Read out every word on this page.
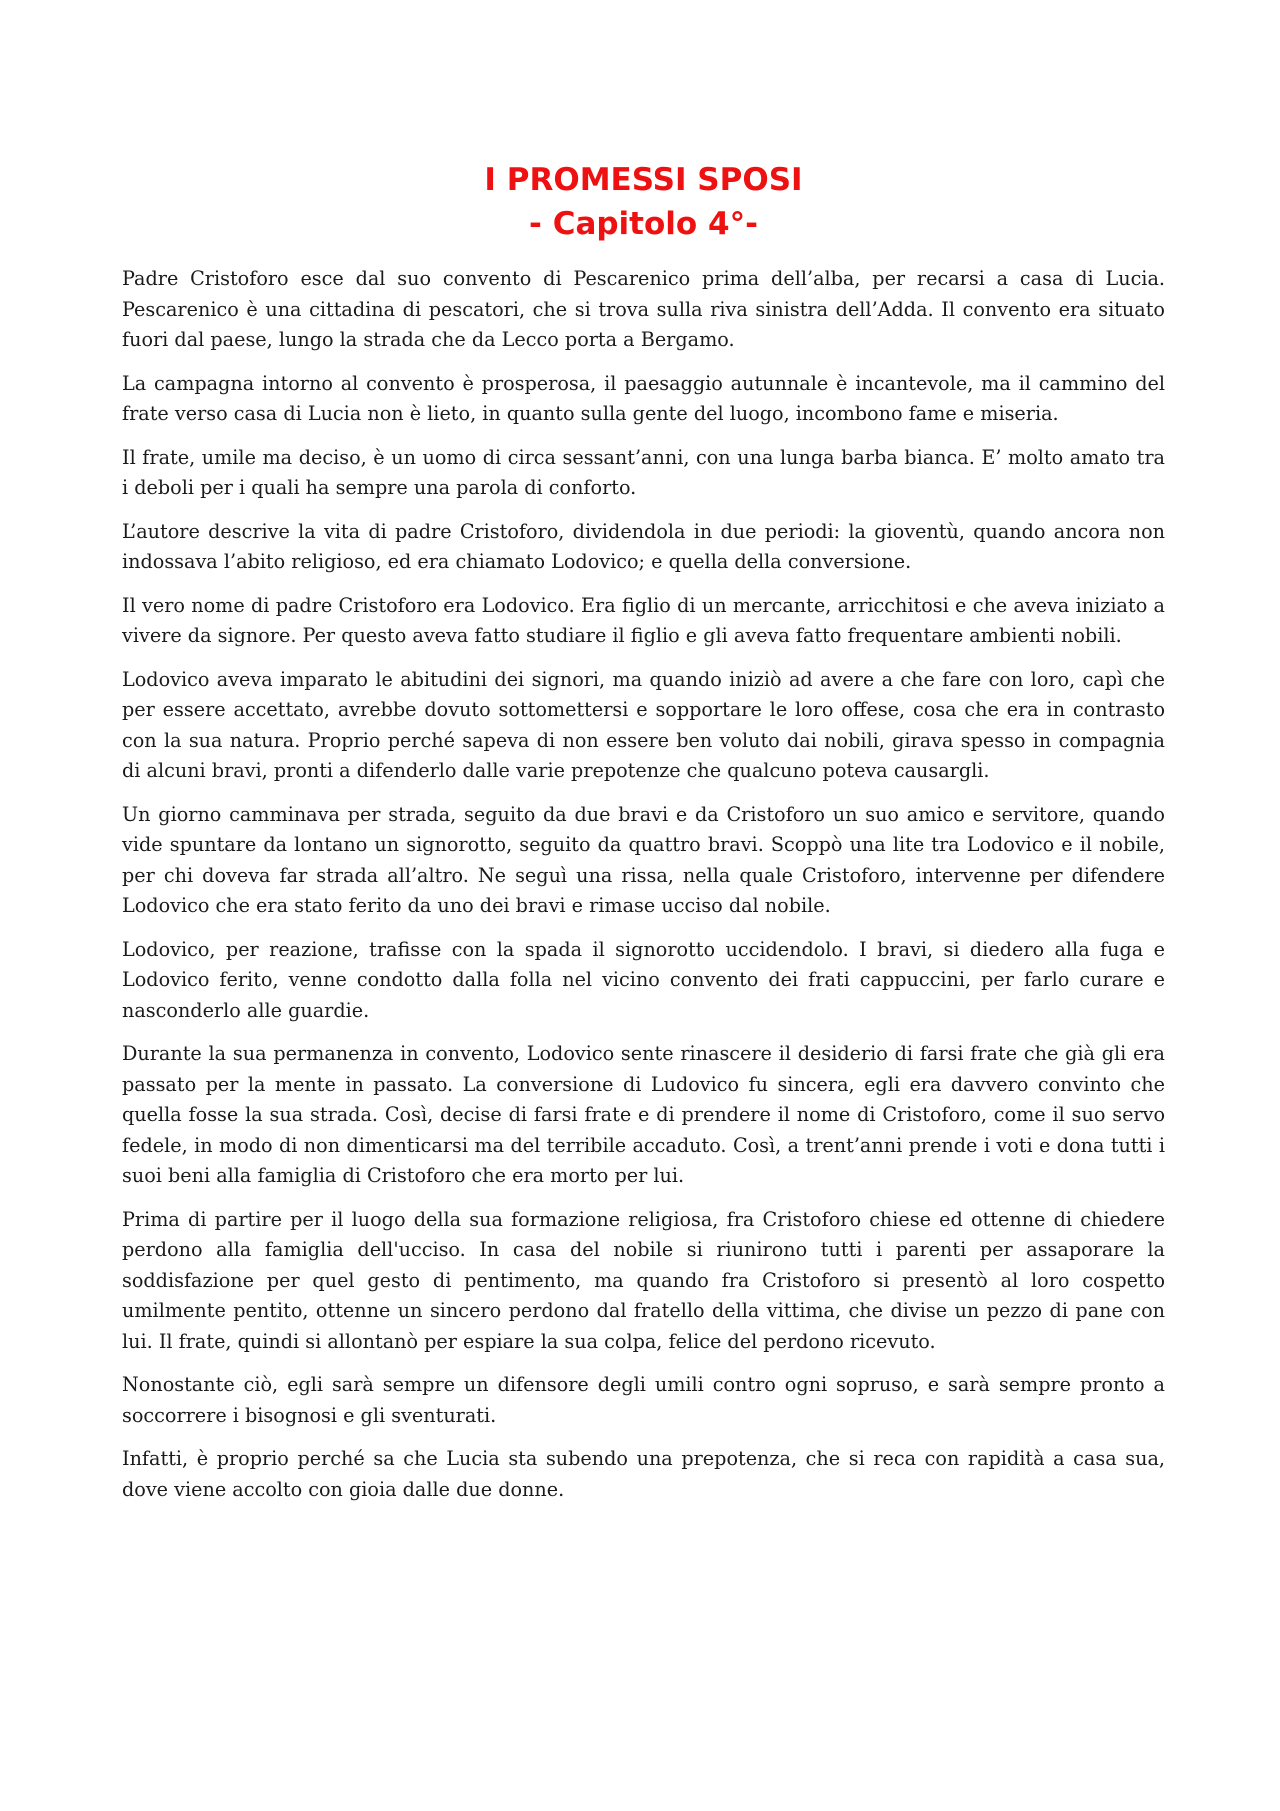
I PROMESSI SPOSI
- Capitolo 4°-

Padre Cristoforo esce dal suo convento di Pescarenico prima dell’alba, per recarsi a casa di Lucia. Pescarenico è una cittadina di pescatori, che si trova sulla riva sinistra dell’Adda. Il convento era situato fuori dal paese, lungo la strada che da Lecco porta a Bergamo.

La campagna intorno al convento è prosperosa, il paesaggio autunnale è incantevole, ma il cammino del frate verso casa di Lucia non è lieto, in quanto sulla gente del luogo, incombono fame e miseria.

Il frate, umile ma deciso, è un uomo di circa sessant’anni, con una lunga barba bianca. E’ molto amato tra i deboli per i quali ha sempre una parola di conforto.

L’autore descrive la vita di padre Cristoforo, dividendola in due periodi: la gioventù, quando ancora non indossava l’abito religioso, ed era chiamato Lodovico; e quella della conversione.

Il vero nome di padre Cristoforo era Lodovico. Era figlio di un mercante, arricchitosi e che aveva iniziato a vivere da signore. Per questo aveva fatto studiare il figlio e gli aveva fatto frequentare ambienti nobili.

Lodovico aveva imparato le abitudini dei signori, ma quando iniziò ad avere a che fare con loro, capì che per essere accettato, avrebbe dovuto sottomettersi e sopportare le loro offese, cosa che era in contrasto con la sua natura. Proprio perché sapeva di non essere ben voluto dai nobili, girava spesso in compagnia di alcuni bravi, pronti a difenderlo dalle varie prepotenze che qualcuno poteva causargli.

Un giorno camminava per strada, seguito da due bravi e da Cristoforo un suo amico e servitore, quando vide spuntare da lontano un signorotto, seguito da quattro bravi. Scoppò una lite tra Lodovico e il nobile, per chi doveva far strada all’altro. Ne seguì una rissa, nella quale Cristoforo, intervenne per difendere Lodovico che era stato ferito da uno dei bravi e rimase ucciso dal nobile.

Lodovico, per reazione, trafisse con la spada il signorotto uccidendolo. I bravi, si diedero alla fuga e Lodovico ferito, venne condotto dalla folla nel vicino convento dei frati cappuccini, per farlo curare e nasconderlo alle guardie.

Durante la sua permanenza in convento, Lodovico sente rinascere il desiderio di farsi frate che già gli era passato per la mente in passato. La conversione di Ludovico fu sincera, egli era davvero convinto che quella fosse la sua strada. Così, decise di farsi frate e di prendere il nome di Cristoforo, come il suo servo fedele, in modo di non dimenticarsi ma del terribile accaduto. Così, a trent’anni prende i voti e dona tutti i suoi beni alla famiglia di Cristoforo che era morto per lui.

Prima di partire per il luogo della sua formazione religiosa, fra Cristoforo chiese ed ottenne di chiedere perdono alla famiglia dell'ucciso. In casa del nobile si riunirono tutti i parenti per assaporare la soddisfazione per quel gesto di pentimento, ma quando fra Cristoforo si presentò al loro cospetto umilmente pentito, ottenne un sincero perdono dal fratello della vittima, che divise un pezzo di pane con lui. Il frate, quindi si allontanò per espiare la sua colpa, felice del perdono ricevuto.

Nonostante ciò, egli sarà sempre un difensore degli umili contro ogni sopruso, e sarà sempre pronto a soccorrere i bisognosi e gli sventurati.

Infatti, è proprio perché sa che Lucia sta subendo una prepotenza, che si reca con rapidità a casa sua, dove viene accolto con gioia dalle due donne.
